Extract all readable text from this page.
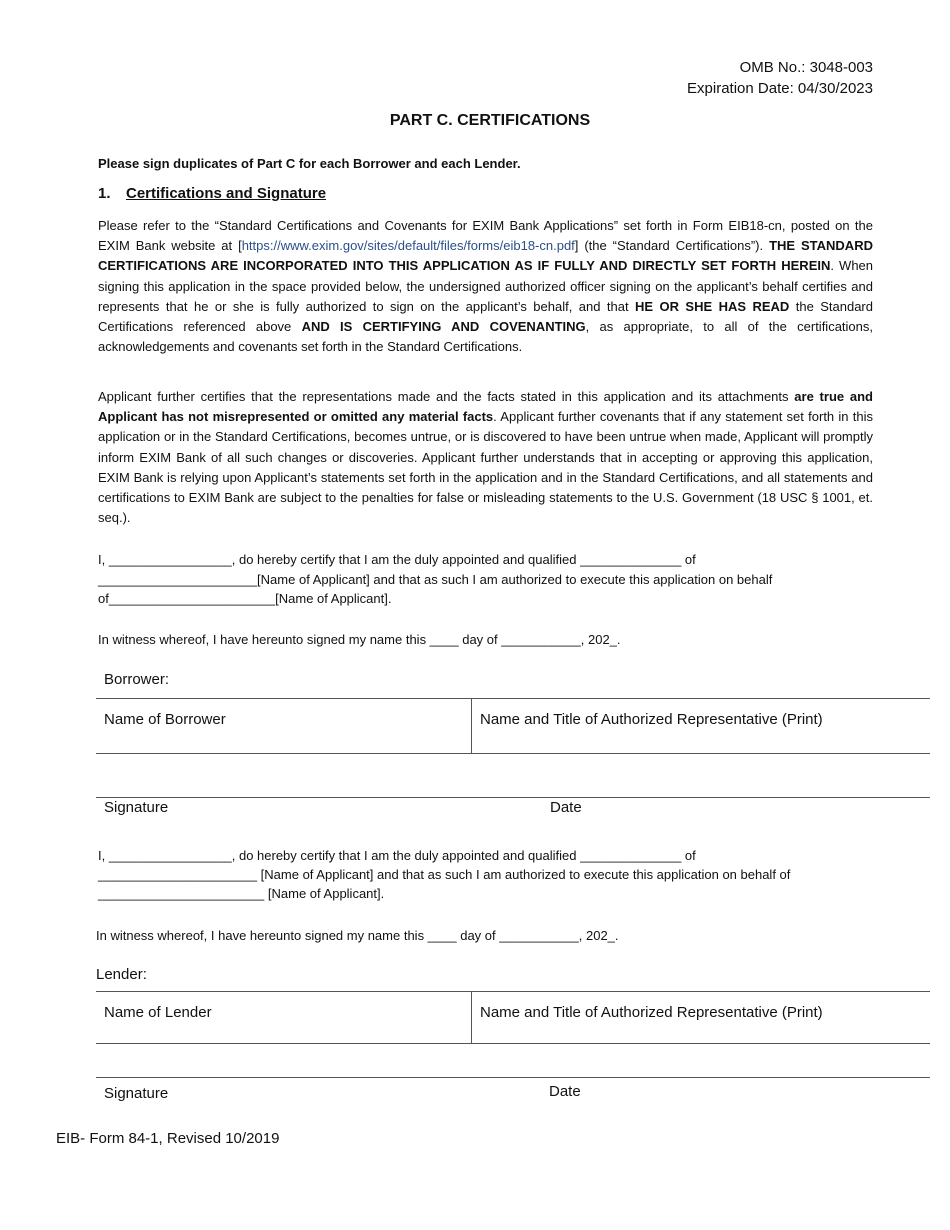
OMB No.: 3048-003
Expiration Date: 04/30/2023
PART C. CERTIFICATIONS
Please sign duplicates of Part C for each Borrower and each Lender.
1. Certifications and Signature
Please refer to the “Standard Certifications and Covenants for EXIM Bank Applications” set forth in Form EIB18-cn, posted on the EXIM Bank website at [https://www.exim.gov/sites/default/files/forms/eib18-cn.pdf] (the “Standard Certifications”). THE STANDARD CERTIFICATIONS ARE INCORPORATED INTO THIS APPLICATION AS IF FULLY AND DIRECTLY SET FORTH HEREIN. When signing this application in the space provided below, the undersigned authorized officer signing on the applicant’s behalf certifies and represents that he or she is fully authorized to sign on the applicant’s behalf, and that HE OR SHE HAS READ the Standard Certifications referenced above AND IS CERTIFYING AND COVENANTING, as appropriate, to all of the certifications, acknowledgements and covenants set forth in the Standard Certifications.
Applicant further certifies that the representations made and the facts stated in this application and its attachments are true and Applicant has not misrepresented or omitted any material facts. Applicant further covenants that if any statement set forth in this application or in the Standard Certifications, becomes untrue, or is discovered to have been untrue when made, Applicant will promptly inform EXIM Bank of all such changes or discoveries. Applicant further understands that in accepting or approving this application, EXIM Bank is relying upon Applicant’s statements set forth in the application and in the Standard Certifications, and all statements and certifications to EXIM Bank are subject to the penalties for false or misleading statements to the U.S. Government (18 USC § 1001, et. seq.).
I, _________________, do hereby certify that I am the duly appointed and qualified ______________ of
______________________[Name of Applicant] and that as such I am authorized to execute this application on behalf
of_______________________[Name of Applicant].
In witness whereof, I have hereunto signed my name this ____ day of ___________, 202_.
Borrower:
Name of Borrower	Name and Title of Authorized Representative (Print)
Signature	Date
I, _________________, do hereby certify that I am the duly appointed and qualified ______________ of
______________________ [Name of Applicant] and that as such I am authorized to execute this application on behalf of
_______________________ [Name of Applicant].
In witness whereof, I have hereunto signed my name this ____ day of ___________, 202_.
Lender:
Name of Lender	Name and Title of Authorized Representative (Print)
Signature	Date
EIB- Form 84-1, Revised 10/2019
